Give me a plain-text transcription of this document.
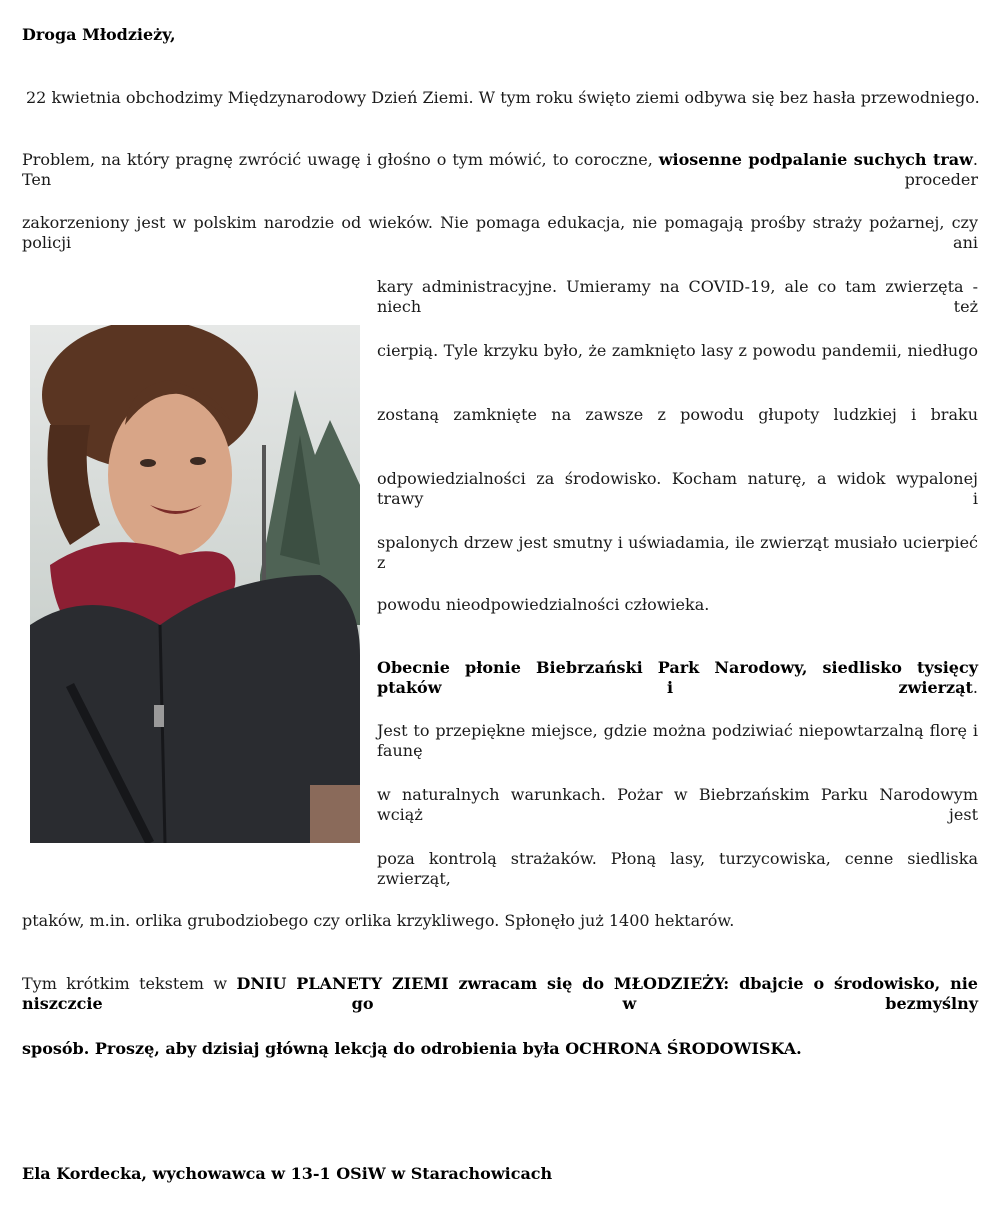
Droga Młodzieży,
22 kwietnia obchodzimy Międzynarodowy Dzień Ziemi. W tym roku święto ziemi odbywa się bez hasła przewodniego.
Problem, na który pragnę zwrócić uwagę i głośno o tym mówić, to coroczne, wiosenne podpalanie suchych traw. Ten proceder
zakorzeniony jest w polskim narodzie od wieków. Nie pomaga edukacja, nie pomagają prośby straży pożarnej, czy policji ani
kary administracyjne. Umieramy na COVID-19, ale co tam zwierzęta - niech też
cierpią. Tyle krzyku było, że zamknięto lasy z powodu pandemii, niedługo
zostaną zamknięte na zawsze z powodu głupoty ludzkiej i braku
odpowiedzialności za środowisko. Kocham naturę, a widok wypalonej trawy i
spalonych drzew jest smutny i uświadamia, ile zwierząt musiało ucierpieć z
powodu nieodpowiedzialności człowieka.
Obecnie płonie Biebrzański Park Narodowy, siedlisko tysięcy ptaków i zwierząt.
Jest to przepiękne miejsce, gdzie można podziwiać niepowtarzalną florę i faunę
w naturalnych warunkach. Pożar w Biebrzańskim Parku Narodowym wciąż jest
poza kontrolą strażaków. Płoną lasy, turzycowiska, cenne siedliska zwierząt,
ptaków, m.in. orlika grubodziobego czy orlika krzykliwego. Spłonęło już 1400 hektarów.
Tym krótkim tekstem w DNIU PLANETY ZIEMI zwracam się do MŁODZIEŻY: dbajcie o środowisko, nie niszczcie go w bezmyślny
sposób. Proszę, aby dzisiaj główną lekcją do odrobienia była OCHRONA ŚRODOWISKA.
Ela Kordecka, wychowawca w 13-1 OSiW w Starachowicach
